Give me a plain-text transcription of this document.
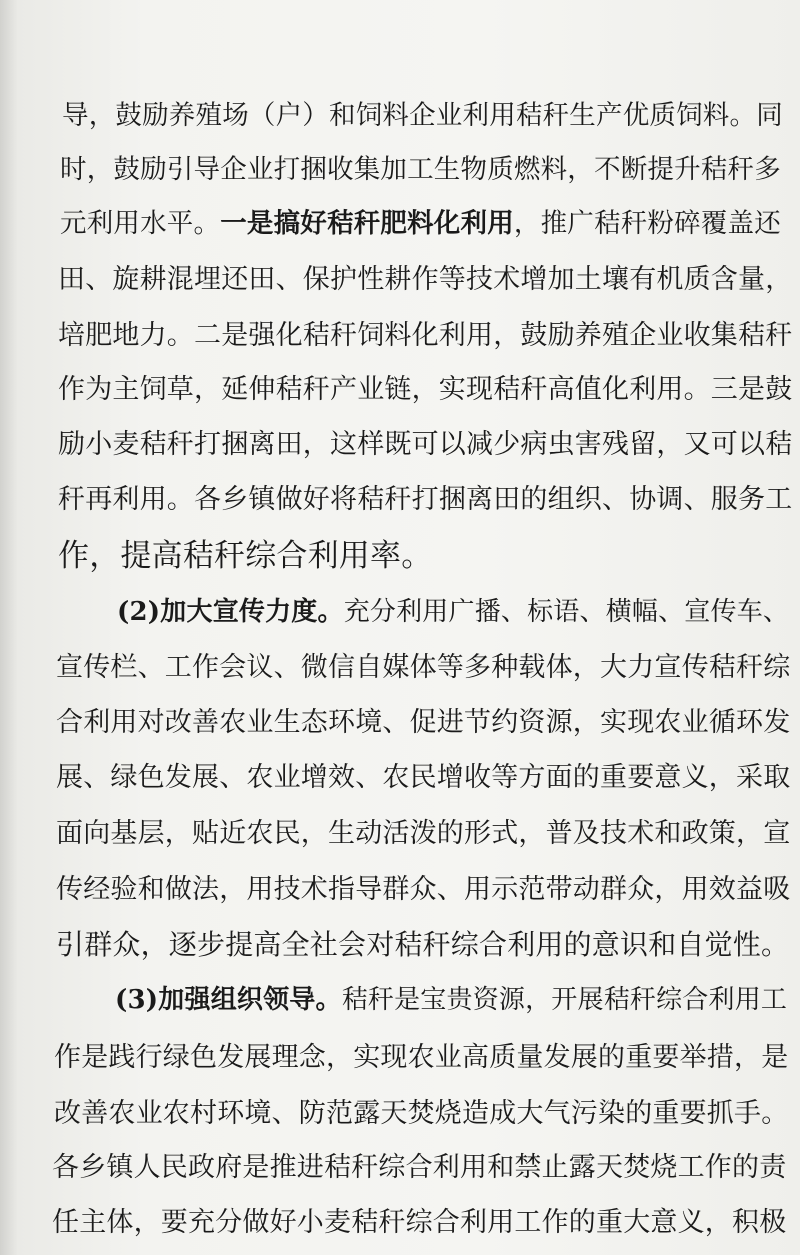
导，鼓励养殖场（户）和饲料企业利用秸秆生产优质饲料。同
时，鼓励引导企业打捆收集加工生物质燃料，不断提升秸秆多
元利用水平。一是搞好秸秆肥料化利用，推广秸秆粉碎覆盖还
田、旋耕混埋还田、保护性耕作等技术增加土壤有机质含量，
培肥地力。二是强化秸秆饲料化利用，鼓励养殖企业收集秸秆
作为主饲草，延伸秸秆产业链，实现秸秆高值化利用。三是鼓
励小麦秸秆打捆离田，这样既可以减少病虫害残留，又可以秸
秆再利用。各乡镇做好将秸秆打捆离田的组织、协调、服务工
作，提高秸秆综合利用率。
(2)加大宣传力度。充分利用广播、标语、横幅、宣传车、
宣传栏、工作会议、微信自媒体等多种载体，大力宣传秸秆综
合利用对改善农业生态环境、促进节约资源，实现农业循环发
展、绿色发展、农业增效、农民增收等方面的重要意义，采取
面向基层，贴近农民，生动活泼的形式，普及技术和政策，宣
传经验和做法，用技术指导群众、用示范带动群众，用效益吸
引群众，逐步提高全社会对秸秆综合利用的意识和自觉性。
(3)加强组织领导。秸秆是宝贵资源，开展秸秆综合利用工
作是践行绿色发展理念，实现农业高质量发展的重要举措，是
改善农业农村环境、防范露天焚烧造成大气污染的重要抓手。
各乡镇人民政府是推进秸秆综合利用和禁止露天焚烧工作的责
任主体，要充分做好小麦秸秆综合利用工作的重大意义，积极
